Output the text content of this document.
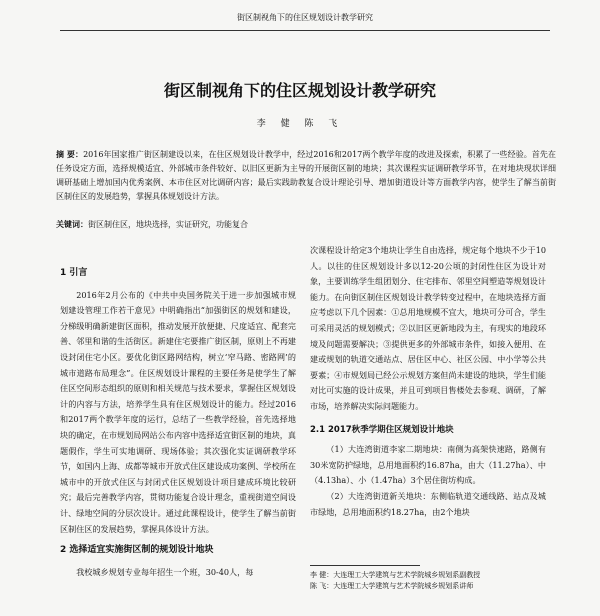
街区制视角下的住区规划设计教学研究
街区制视角下的住区规划设计教学研究
李 健 陈 飞
摘 要：2016年国家推广街区制建设以来，在住区规划设计教学中，经过2016和2017两个教学年度的改进及探索，积累了一些经验。首先在任务设定方面，选择规模适宜、外部城市条件较好、以旧区更新为主导的开展街区制的地块；其次课程实证调研教学环节，在对地块现状详细调研基础上增加国内优秀案例、本市住区对比调研内容；最后实践助教复合设计理论引导、增加街道设计等方面教学内容，使学生了解当前街区制住区的发展趋势，掌握具体规划设计方法。
关键词：街区制住区，地块选择，实证研究，功能复合
1 引言

2016年2月公布的《中共中央国务院关于进一步加强城市规划建设管理工作若干意见》中明确指出“加强街区的规划和建设，分梯级明确新建街区面积，推动发展开放便捷、尺度适宜、配套完善、邻里和谐的生活街区。新建住宅要推广街区制，原则上不再建设封闭住宅小区。要优化街区路网结构，树立‘窄马路、密路网’的城市道路布局理念”。住区规划设计课程的主要任务是使学生了解住区空间形态组织的原则和相关规范与技术要求，掌握住区规划设计的内容与方法，培养学生具有住区规划设计的能力。经过2016和2017两个教学年度的运行，总结了一些教学经验，首先选择地块的确定，在市规划局网站公布内容中选择适宜街区制的地块，真题假作，学生可实地调研、现场体验；其次强化实证调研教学环节，如国内上海、成都等城市开放式住区建设成功案例、学校所在城市中的开放式住区与封闭式住区规划设计项目建成环境比较研究；最后完善教学内容，贯彻功能复合设计理念，重视街道空间设计、绿地空间的分层次设计。通过此课程设计，使学生了解当前街区制住区的发展趋势，掌握具体设计方法。

2 选择适宜实施街区制的规划设计地块

我校城乡规划专业每年招生一个班，30-40人，每

次课程设计给定3个地块让学生自由选择，规定每个地块不少于10人。以往的住区规划设计多以12-20公顷的封闭性住区为设计对象，主要训练学生组团划分、住宅排布、邻里空间塑造等规划设计能力。在向街区制住区规划设计教学转变过程中，在地块选择方面应考虑以下几个因素：①总用地规模不宜大，地块可分可合，学生可采用灵活的规划模式；②以旧区更新地段为主，有现实的地段环境及问题需要解决；③提供更多的外部城市条件，如接入便用、在建或规划的轨道交通站点、居住区中心、社区公园、中小学等公共要素；④市规划局已经公示规划方案但尚未建设的地块，学生们能对比可实施的设计成果，并且可到项目售楼处去参观、调研，了解市场，培养解决实际问题能力。

2.1 2017秋季学期住区规划设计地块

（1）大连湾街道李家二期地块：南侧为高架快速路，路侧有30米宽防护绿地，总用地面积约16.87ha，由大（11.27ha）、中（4.13ha）、小（1.47ha）3个居住街坊构成。

（2）大连湾街道新关地块：东侧临轨道交通线路、站点及城市绿地，总用地面积约18.27ha，由2个地块

李 健：大连理工大学建筑与艺术学院城乡规划系副教授
陈 飞：大连理工大学建筑与艺术学院城乡规划系讲师
